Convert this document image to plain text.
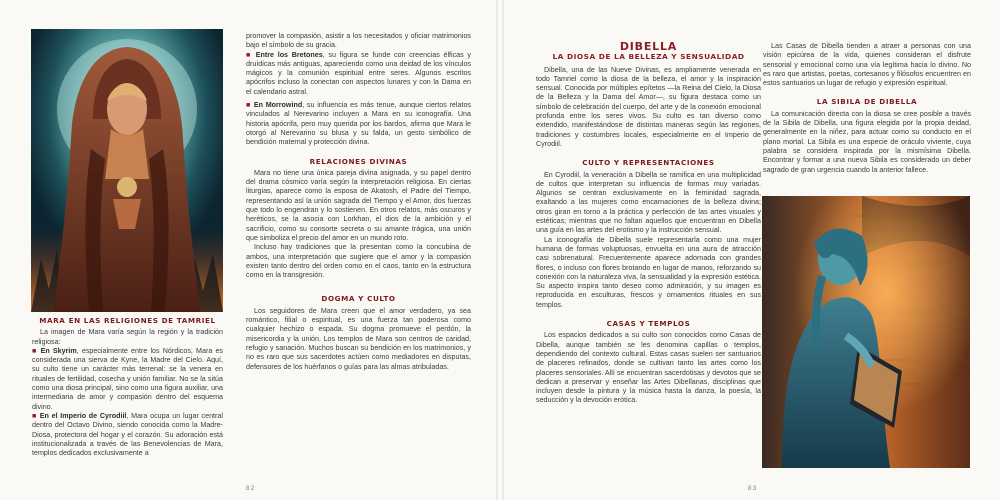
MARA EN LAS RELIGIONES DE TAMRIEL

La imagen de Mara varía según la región y la tradición religiosa:

■ En Skyrim, especialmente entre los Nórdicos, Mara es considerada una sierva de Kyne, la Madre del Cielo. Aquí, su culto tiene un carácter más terrenal: se la venera en rituales de fertilidad, cosecha y unión familiar. No se la sitúa como una diosa principal, sino como una figura auxiliar, una intermediaria de amor y compasión dentro del esquema divino.

■ En el Imperio de Cyrodiil, Mara ocupa un lugar central dentro del Octavo Divino, siendo conocida como la Madre-Diosa, protectora del hogar y el corazón. Su adoración está institucionalizada a través de las Benevolencias de Mara, templos dedicados exclusivamente a

promover la compasión, asistir a los necesitados y oficiar matrimonios bajo el símbolo de su gracia.

■ Entre los Bretones, su figura se funde con creencias élficas y druídicas más antiguas, apareciendo como una deidad de los vínculos mágicos y la comunión espiritual entre seres. Algunos escritos apócrifos incluso la conectan con aspectos lunares y con la Dama en el calendario astral.

■ En Morrowind, su influencia es más tenue, aunque ciertos relatos vinculados al Nerevarino incluyen a Mara en su iconografía. Una historia apócrifa, pero muy querida por los bardos, afirma que Mara le otorgó al Nerevarino su blusa y su falda, un gesto simbólico de bendición maternal y protección divina.

RELACIONES DIVINAS

Mara no tiene una única pareja divina asignada, y su papel dentro del drama cósmico varía según la interpretación religiosa. En ciertas liturgias, aparece como la esposa de Akatosh, el Padre del Tiempo, representando así la unión sagrada del Tiempo y el Amor, dos fuerzas que todo lo engendran y lo sostienen. En otros relatos, más oscuros y heréticos, se la asocia con Lorkhan, el dios de la ambición y el sacrificio, como su consorte secreta o su amante trágica, una unión que simboliza el precio del amor en un mundo roto.

Incluso hay tradiciones que la presentan como la concubina de ambos, una interpretación que sugiere que el amor y la compasión existen tanto dentro del orden como en el caos, tanto en la estructura como en la transgresión.

DOGMA Y CULTO

Los seguidores de Mara creen que el amor verdadero, ya sea romántico, filial o espiritual, es una fuerza tan poderosa como cualquier hechizo o espada. Su dogma promueve el perdón, la misericordia y la unión. Los templos de Mara son centros de caridad, refugio y sanación. Muchos buscan su bendición en los matrimonios, y no es raro que sus sacerdotes actúen como mediadores en disputas, defensores de los huérfanos o guías para las almas atribuladas.

82
DIBELLA
LA DIOSA DE LA BELLEZA Y SENSUALIDAD

Dibella, una de las Nueve Divinas, es ampliamente venerada en todo Tamriel como la diosa de la belleza, el amor y la inspiración sensual. Conocida por múltiples epítetos —la Reina del Cielo, la Diosa de la Belleza y la Dama del Amor—, su figura destaca como un símbolo de celebración del cuerpo, del arte y de la conexión emocional profunda entre los seres vivos. Su culto es tan diverso como extendido, manifestándose de distintas maneras según las regiones, tradiciones y costumbres locales, especialmente en el Imperio de Cyrodiil.

CULTO Y REPRESENTACIONES

En Cyrodiil, la veneración a Dibella se ramifica en una multiplicidad de cultos que interpretan su influencia de formas muy variadas. Algunos se centran exclusivamente en la feminidad sagrada, exaltando a las mujeres como encarnaciones de la belleza divina; otros giran en torno a la práctica y perfección de las artes visuales y estéticas; mientras que no faltan aquellos que encuentran en Dibella una guía en las artes del erotismo y la instrucción sensual.

La iconografía de Dibella suele representarla como una mujer humana de formas voluptuosas, envuelta en una aura de atracción casi sobrenatural. Frecuentemente aparece adornada con grandes flores, o incluso con flores brotando en lugar de manos, reforzando su conexión con la naturaleza viva, la sensualidad y la expresión estética. Su aspecto inspira tanto deseo como admiración, y su imagen es reproducida en esculturas, frescos y ornamentos rituales en sus templos.

CASAS Y TEMPLOS

Los espacios dedicados a su culto son conocidos como Casas de Dibella, aunque también se les denomina capillas o templos, dependiendo del contexto cultural. Estas casas suelen ser santuarios de placeres refinados, donde se cultivan tanto las artes como los placeres sensoriales. Allí se encuentran sacerdotisas y devotos que se dedican a preservar y enseñar las Artes Dibellanas, disciplinas que incluyen desde la pintura y la música hasta la danza, la poesía, la seducción y la devoción erótica.

Las Casas de Dibella tienden a atraer a personas con una visión epicúrea de la vida, quienes consideran el disfrute sensorial y emocional como una vía legítima hacia lo divino. No es raro que artistas, poetas, cortesanos y filósofos encuentren en estos santuarios un lugar de refugio y expresión espiritual.

LA SIBILA DE DIBELLA

La comunicación directa con la diosa se cree posible a través de la Sibila de Dibella, una figura elegida por la propia deidad, generalmente en la niñez, para actuar como su conducto en el plano mortal. La Sibila es una especie de oráculo viviente, cuya palabra se considera inspirada por la mismísima Dibella. Encontrar y formar a una nueva Sibila es considerado un deber sagrado de gran urgencia cuando la anterior fallece.

83
